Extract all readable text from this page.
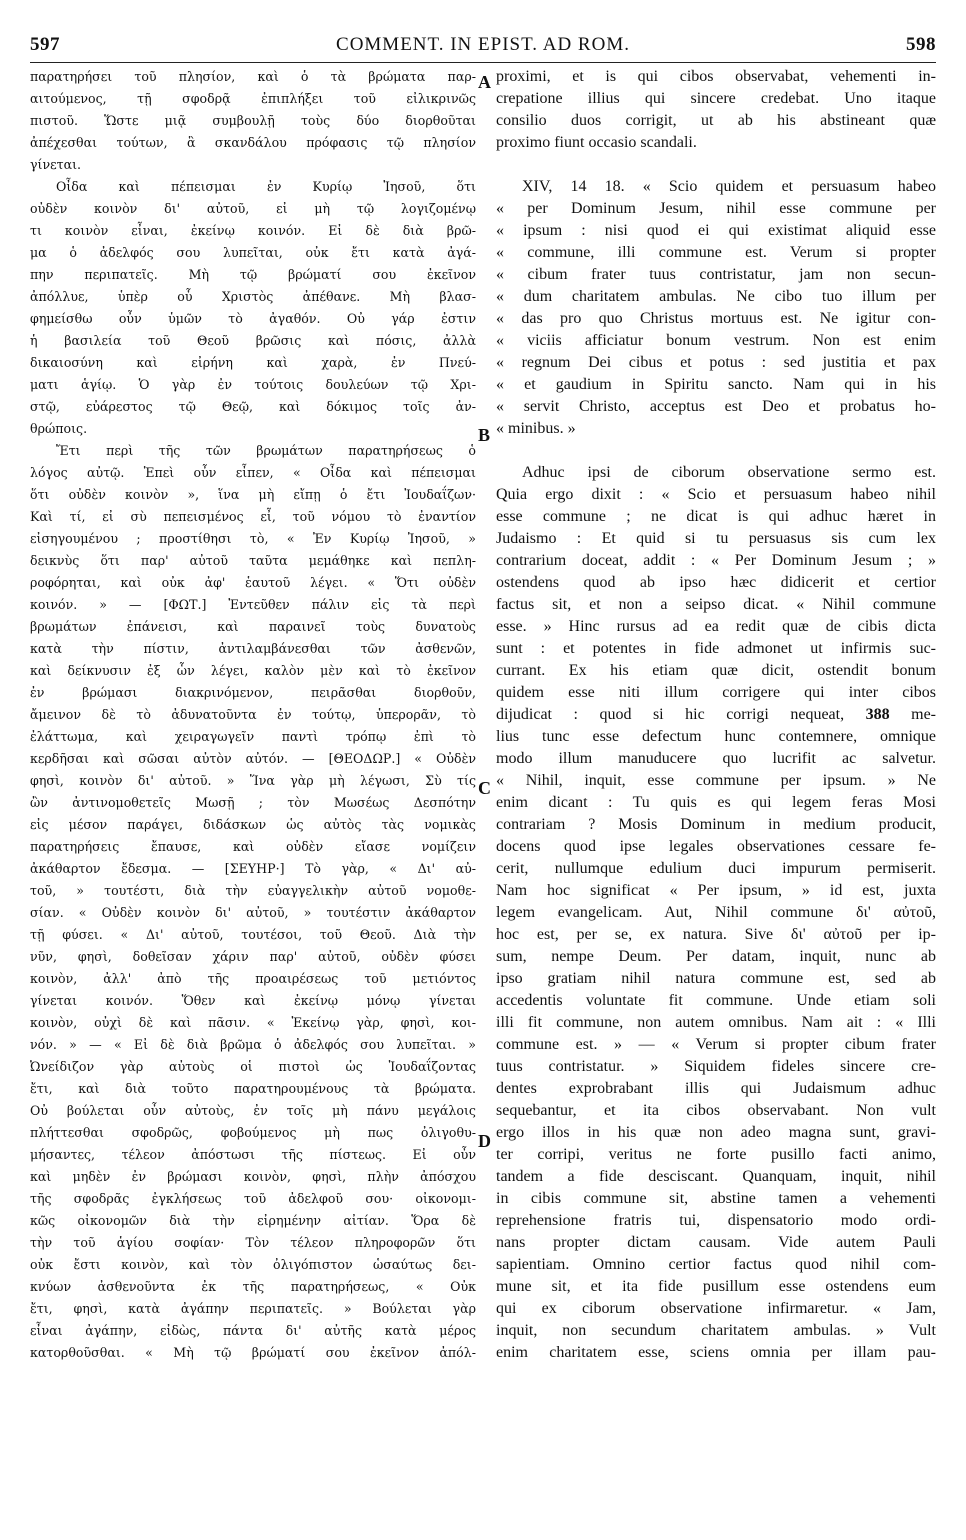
597	COMMENT. IN EPIST. AD ROM.	598
παρατηρήσει τοῦ πλησίον, καὶ ὁ τὰ βρώματα παρ-
αιτούμενος, τῇ σφοδρᾷ ἐπιπλήξει τοῦ εἰλικρινῶς
πιστοῦ. Ὥστε μιᾷ συμβουλῇ τοὺς δύο διορθοῦται
ἀπέχεσθαι τούτων, ἃ σκανδάλου πρόφασις τῷ πλησίον
γίνεται.
Οἶδα καὶ πέπεισμαι ἐν Κυρίῳ Ἰησοῦ, ὅτι
οὐδὲν κοινὸν δι' αὐτοῦ, εἰ μὴ τῷ λογιζομένῳ
τι κοινὸν εἶναι, ἐκείνῳ κοινόν. Εἰ δὲ διὰ βρῶ-
μα ὁ ἀδελφός σου λυπεῖται, οὐκ ἔτι κατὰ ἀγά-
πην περιπατεῖς. Μὴ τῷ βρώματί σου ἐκεῖνον
ἀπόλλυε, ὑπὲρ οὗ Χριστὸς ἀπέθανε. Μὴ βλασ-
φημείσθω οὖν ὑμῶν τὸ ἀγαθόν. Οὐ γάρ ἐστιν
ἡ βασιλεία τοῦ Θεοῦ βρῶσις καὶ πόσις, ἀλλὰ
δικαιοσύνη καὶ εἰρήνη καὶ χαρὰ, ἐν Πνεύ-
ματι ἁγίῳ. Ὁ γὰρ ἐν τούτοις δουλεύων τῷ Χρι-
στῷ, εὐάρεστος τῷ Θεῷ, καὶ δόκιμος τοῖς ἀν-
θρώποις.
Ἔτι περὶ τῆς τῶν βρωμάτων παρατηρήσεως ὁ
λόγος αὐτῷ. Ἐπεὶ οὖν εἶπεν, « Οἶδα καὶ πέπεισμαι
ὅτι οὐδὲν κοινὸν », ἵνα μὴ εἴπῃ ὁ ἔτι Ἰουδαΐζων·
Καὶ τί, εἰ σὺ πεπεισμένος εἶ, τοῦ νόμου τὸ ἐναντίον
εἰσηγουμένου ; προστίθησι τὸ, « Ἐν Κυρίῳ Ἰησοῦ, »
δεικνὺς ὅτι παρ' αὐτοῦ ταῦτα μεμάθηκε καὶ πεπλη-
ροφόρηται, καὶ οὐκ ἀφ' ἑαυτοῦ λέγει. « Ὅτι οὐδὲν
κοινόν. » — [ΦΩΤ.] Ἐντεῦθεν πάλιν εἰς τὰ περὶ
βρωμάτων ἐπάνεισι, καὶ παραινεῖ τοὺς δυνατοὺς
κατὰ τὴν πίστιν, ἀντιλαμβάνεσθαι τῶν ἀσθενῶν,
καὶ δείκνυσιν ἐξ ὧν λέγει, καλὸν μὲν καὶ τὸ ἐκεῖνον
ἐν βρώμασι διακρινόμενον, πειρᾶσθαι διορθοῦν,
ἄμεινον δὲ τὸ ἀδυνατοῦντα ἐν τούτῳ, ὑπερορᾶν, τὸ
ἐλάττωμα, καὶ χειραγωγεῖν παντὶ τρόπῳ ἐπὶ τὸ
κερδῆσαι καὶ σῶσαι αὐτὸν αὐτόν. — [ΘΕΟΔΩΡ.] « Οὐδὲν
φησὶ, κοινὸν δι' αὐτοῦ. » Ἵνα γὰρ μὴ λέγωσι, Σὺ τίς
ὢν ἀντινομοθετεῖς Μωσῇ ; τὸν Μωσέως Δεσπότην
εἰς μέσον παράγει, διδάσκων ὡς αὐτὸς τὰς νομικὰς
παρατηρήσεις ἔπαυσε, καὶ οὐδὲν εἴασε νομίζειν
ἀκάθαρτον ἔδεσμα. — [ΣΕΥΗΡ·] Τὸ γὰρ, « Δι' αὐ-
τοῦ, » τουτέστι, διὰ τὴν εὐαγγελικὴν αὐτοῦ νομοθε-
σίαν. « Οὐδὲν κοινὸν δι' αὐτοῦ, » τουτέστιν ἀκάθαρτον
τῇ φύσει. « Δι' αὐτοῦ, τουτέσοι, τοῦ Θεοῦ. Διὰ τὴν
νῦν, φησὶ, δοθεῖσαν χάριν παρ' αὐτοῦ, οὐδὲν φύσει
κοινὸν, ἀλλ' ἀπὸ τῆς προαιρέσεως τοῦ μετιόντος
γίνεται κοινόν. Ὅθεν καὶ ἐκείνῳ μόνῳ γίνεται
κοινὸν, οὐχὶ δὲ καὶ πᾶσιν. « Ἐκείνῳ γὰρ, φησὶ, κοι-
νόν. » — « Εἰ δὲ διὰ βρῶμα ὁ ἀδελφός σου λυπεῖται. »
Ὠνείδιζον γὰρ αὐτοὺς οἱ πιστοὶ ὡς Ἰουδαΐζοντας
ἔτι, καὶ διὰ τοῦτο παρατηρουμένους τὰ βρώματα.
Οὐ βούλεται οὖν αὐτοὺς, ἐν τοῖς μὴ πάνυ μεγάλοις
πλήττεσθαι σφοδρῶς, φοβούμενος μὴ πως ὀλιγοθυ-
μήσαντες, τέλεον ἀπόστωσι τῆς πίστεως. Εἰ οὖν
καὶ μηδὲν ἐν βρώμασι κοινὸν, φησὶ, πλὴν ἀπόσχου
τῆς σφοδρᾶς ἐγκλήσεως τοῦ ἀδελφοῦ σου· οἰκονομι-
κῶς οἰκονομῶν διὰ τὴν εἰρημένην αἰτίαν. Ὅρα δὲ
τὴν τοῦ ἁγίου σοφίαν· Τὸν τέλεον πληροφορῶν ὅτι
οὐκ ἔστι κοινὸν, καὶ τὸν ὀλιγόπιστον ὡσαύτως δει-
κνύων ἀσθενοῦντα ἐκ τῆς παρατηρήσεως, « Οὐκ
ἔτι, φησὶ, κατὰ ἀγάπην περιπατεῖς. » Βούλεται γὰρ
εἶναι ἀγάπην, εἰδὼς, πάντα δι' αὐτῆς κατὰ μέρος
κατορθοῦσθαι. « Μὴ τῷ βρώματί σου ἐκεῖνον ἀπόλ-
proximi, et is qui cibos observabat, vehementi in-
crepatione illius qui sincere credebat. Uno itaque
consilio duos corrigit, ut ab his abstineant quæ
proximo fiunt occasio scandali.
XIV, 14 18. « Scio quidem et persuasum habeo
« per Dominum Jesum, nihil esse commune per
« ipsum : nisi quod ei qui existimat aliquid esse
« commune, illi commune est. Verum si propter
« cibum frater tuus contristatur, jam non secun-
« dum charitatem ambulas. Ne cibo tuo illum per
« das pro quo Christus mortuus est. Ne igitur con-
« viciis afficiatur bonum vestrum. Non est enim
« regnum Dei cibus et potus : sed justitia et pax
« et gaudium in Spiritu sancto. Nam qui in his
« servit Christo, acceptus est Deo et probatus ho-
« minibus. »
Adhuc ipsi de ciborum observatione sermo est.
Quia ergo dixit : « Scio et persuasum habeo nihil
esse commune ; ne dicat is qui adhuc hæret in
Judaismo : Et quid si tu persuasus sis cum lex
contrarium doceat, addit : « Per Dominum Jesum ; »
ostendens quod ab ipso hæc didicerit et certior
factus sit, et non a seipso dicat. « Nihil commune
esse. » Hinc rursus ad ea redit quæ de cibis dicta
sunt : et potentes in fide admonet ut infirmis suc-
currant. Ex his etiam quæ dicit, ostendit bonum
quidem esse niti illum corrigere qui inter cibos
dijudicat : quod si hic corrigi nequeat, 388 me-
lius tunc esse defectum hunc contemnere, omnique
modo illum manuducere quo lucrifit ac salvetur.
« Nihil, inquit, esse commune per ipsum. » Ne
enim dicant : Tu quis es qui legem feras Mosi
contrariam ? Mosis Dominum in medium producit,
docens quod ipse legales observationes cessare fe-
cerit, nullumque edulium duci impurum permiserit.
Nam hoc significat « Per ipsum, » id est, juxta
legem evangelicam. Aut, Nihil commune δι' αὐτοῦ,
hoc est, per se, ex natura. Sive δι' αὐτοῦ per ip-
sum, nempe Deum. Per datam, inquit, nunc ab
ipso gratiam nihil natura commune est, sed ab
accedentis voluntate fit commune. Unde etiam soli
illi fit commune, non autem omnibus. Nam ait : « Illi
commune est. » — « Verum si propter cibum frater
tuus contristatur. » Siquidem fideles sincere cre-
dentes exprobrabant illis qui Judaismum adhuc
sequebantur, et ita cibos observabant. Non vult
ergo illos in his quæ non adeo magna sunt, gravi-
ter corripi, veritus ne forte pusillo facti animo,
tandem a fide desciscant. Quanquam, inquit, nihil
in cibis commune sit, abstine tamen a vehementi
reprehensione fratris tui, dispensatorio modo ordi-
nans propter dictam causam. Vide autem Pauli
sapientiam. Omnino certior factus quod nihil com-
mune sit, et ita fide pusillum esse ostendens eum
qui ex ciborum observatione infirmaretur. « Jam,
inquit, non secundum charitatem ambulas. » Vult
enim charitatem esse, sciens omnia per illam pau-
A
B
C
D
